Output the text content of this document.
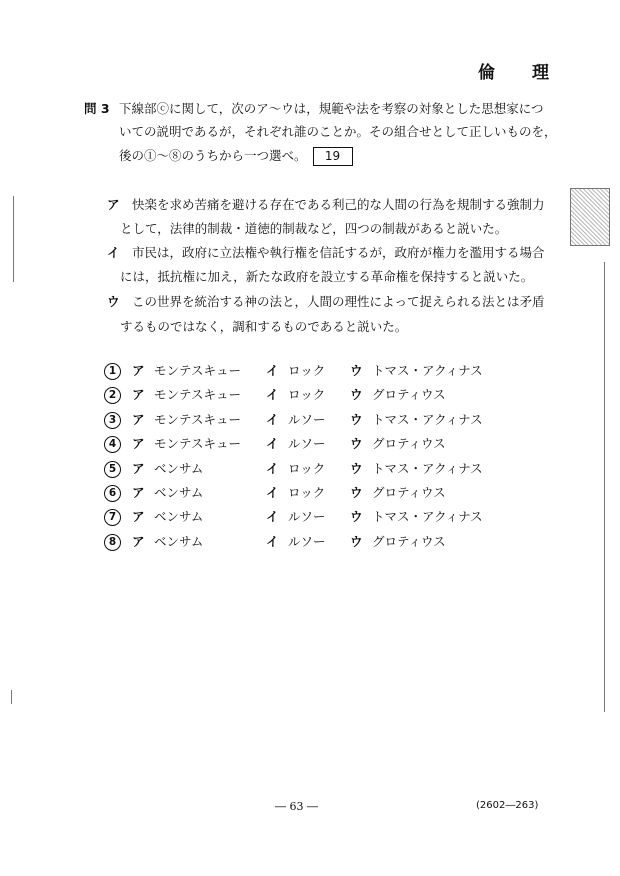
倫　理
問 3 下線部ⓒに関して，次のア～ウは，規範や法を考察の対象とした思想家につ
いての説明であるが，それぞれ誰のことか。その組合せとして正しいものを，
後の①～⑧のうちから一つ選べ。 19
ア　 快楽を求め苦痛を避ける存在である利己的な人間の行為を規制する強制力
として，法律的制裁・道徳的制裁など，四つの制裁があると説いた。
イ　 市民は，政府に立法権や執行権を信託するが，政府が権力を濫用する場合
には，抵抗権に加え，新たな政府を設立する革命権を保持すると説いた。
ウ　 この世界を統治する神の法と，人間の理性によって捉えられる法とは矛盾
するものではなく，調和するものであると説いた。
1	ア モンテスキュー イ ロック ウ トマス・アクィナス
2	ア モンテスキュー イ ロック ウ グロティウス
3	ア モンテスキュー イ ルソー ウ トマス・アクィナス
4	ア モンテスキュー イ ルソー ウ グロティウス
5	ア ベンサム	イ ロック ウ トマス・アクィナス
6	ア ベンサム	イ ロック ウ グロティウス
7	ア ベンサム	イ ルソー ウ トマス・アクィナス
8	ア ベンサム	イ ルソー ウ グロティウス
― 63 ―	(2602―263)
